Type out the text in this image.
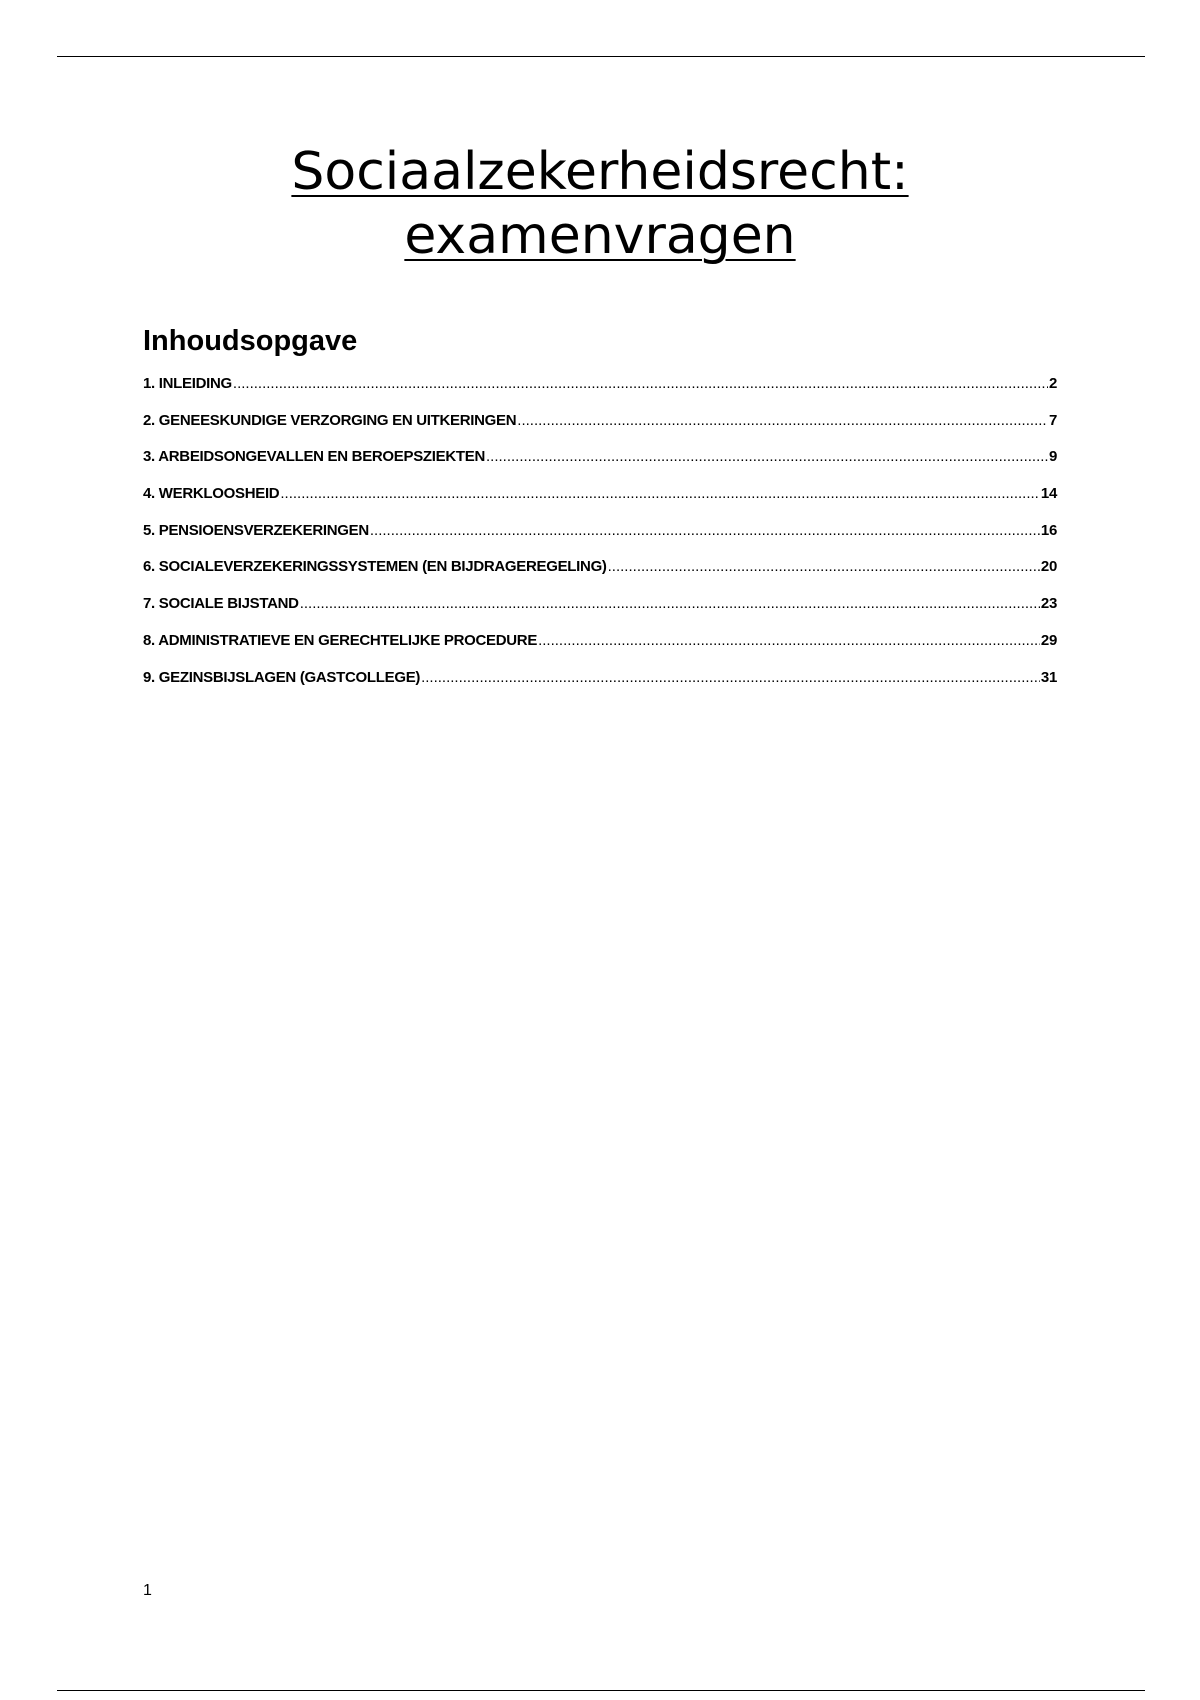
Sociaalzekerheidsrecht:
examenvragen
Inhoudsopgave
1. INLEIDING .....	2
2. GENEESKUNDIGE VERZORGING EN UITKERINGEN .....	7
3. ARBEIDSONGEVALLEN EN BEROEPSZIEKTEN .....	9
4. WERKLOOSHEID .....	14
5. PENSIOENSVERZEKERINGEN .....	16
6. SOCIALEVERZEKERINGSSYSTEMEN (EN BIJDRAGEREGELING) .....	20
7. SOCIALE BIJSTAND .....	23
8. ADMINISTRATIEVE EN GERECHTELIJKE PROCEDURE .....	29
9. GEZINSBIJSLAGEN (GASTCOLLEGE) .....	31
1
